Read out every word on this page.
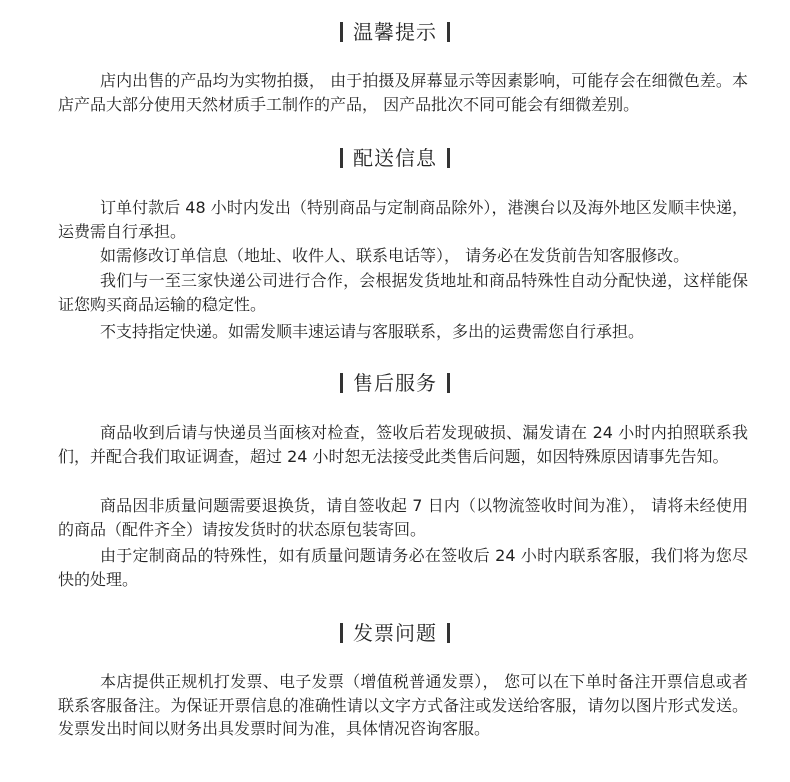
温馨提示

店内出售的产品均为实物拍摄， 由于拍摄及屏幕显示等因素影响，可能存会在细微色差。本店产品大部分使用天然材质手工制作的产品， 因产品批次不同可能会有细微差别。

配送信息

订单付款后 48 小时内发出（特别商品与定制商品除外），港澳台以及海外地区发顺丰快递，运费需自行承担。

如需修改订单信息（地址、收件人、联系电话等）， 请务必在发货前告知客服修改。

我们与一至三家快递公司进行合作，会根据发货地址和商品特殊性自动分配快递，这样能保证您购买商品运输的稳定性。

不支持指定快递。如需发顺丰速运请与客服联系，多出的运费需您自行承担。

售后服务

商品收到后请与快递员当面核对检查，签收后若发现破损、漏发请在 24 小时内拍照联系我们，并配合我们取证调查，超过 24 小时恕无法接受此类售后问题，如因特殊原因请事先告知。

商品因非质量问题需要退换货，请自签收起 7 日内（以物流签收时间为准）， 请将未经使用的商品（配件齐全）请按发货时的状态原包装寄回。

由于定制商品的特殊性，如有质量问题请务必在签收后 24 小时内联系客服，我们将为您尽快的处理。

发票问题

本店提供正规机打发票、电子发票（增值税普通发票）， 您可以在下单时备注开票信息或者联系客服备注。为保证开票信息的准确性请以文字方式备注或发送给客服，请勿以图片形式发送。发票发出时间以财务出具发票时间为准，具体情况咨询客服。
